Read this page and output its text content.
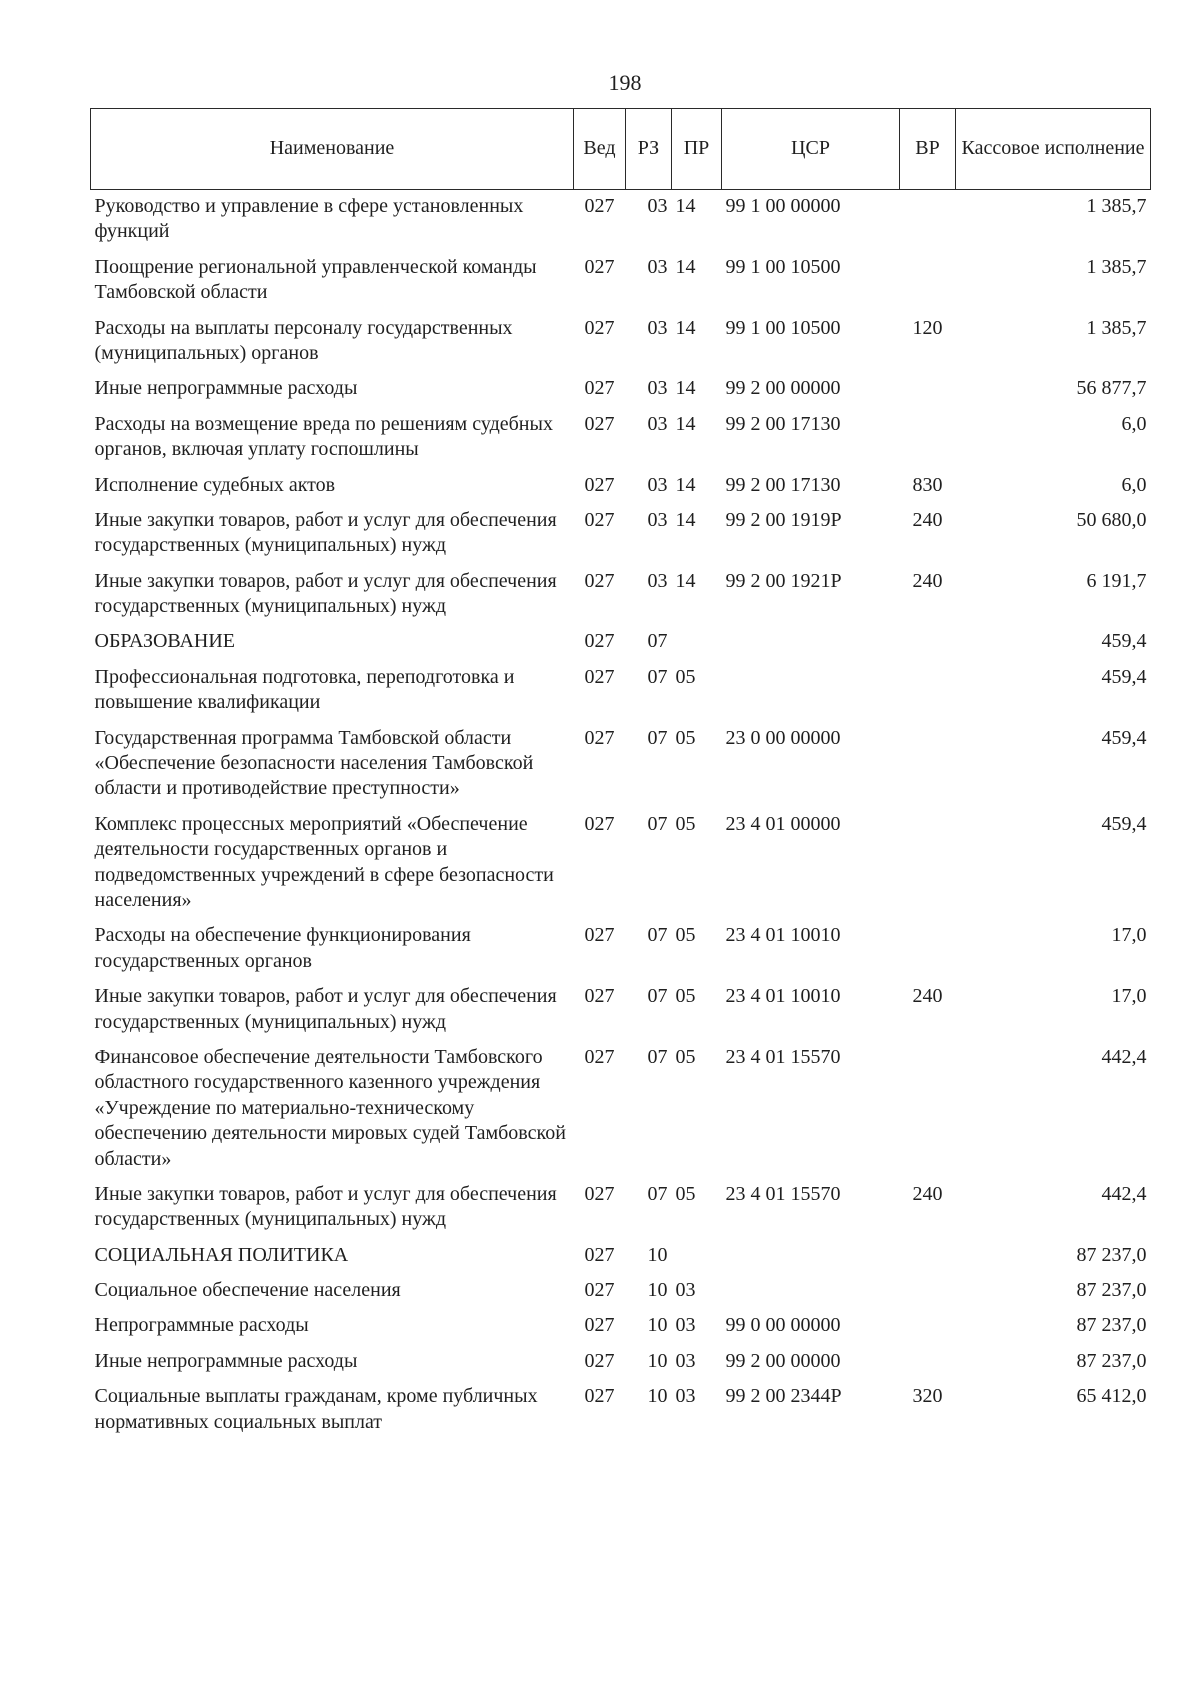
198
Наименование	Вед	РЗ	ПР	ЦСР	ВР	Кассовое исполнение
Руководство и управление в сфере установленных функций	027	03	14	99 1 00 00000		1 385,7
Поощрение региональной управленческой команды Тамбовской области	027	03	14	99 1 00 10500		1 385,7
Расходы на выплаты персоналу государственных (муниципальных) органов	027	03	14	99 1 00 10500	120	1 385,7
Иные непрограммные расходы	027	03	14	99 2 00 00000		56 877,7
Расходы на возмещение вреда по решениям судебных органов, включая уплату госпошлины	027	03	14	99 2 00 17130		6,0
Исполнение судебных актов	027	03	14	99 2 00 17130	830	6,0
Иные закупки товаров, работ и услуг для обеспечения государственных (муниципальных) нужд	027	03	14	99 2 00 1919Р	240	50 680,0
Иные закупки товаров, работ и услуг для обеспечения государственных (муниципальных) нужд	027	03	14	99 2 00 1921Р	240	6 191,7
ОБРАЗОВАНИЕ	027	07				459,4
Профессиональная подготовка, переподготовка и повышение квалификации	027	07	05			459,4
Государственная программа Тамбовской области «Обеспечение безопасности населения Тамбовской области и противодействие преступности»	027	07	05	23 0 00 00000		459,4
Комплекс процессных мероприятий «Обеспечение деятельности государственных органов и подведомственных учреждений в сфере безопасности населения»	027	07	05	23 4 01 00000		459,4
Расходы на обеспечение функционирования государственных органов	027	07	05	23 4 01 10010		17,0
Иные закупки товаров, работ и услуг для обеспечения государственных (муниципальных) нужд	027	07	05	23 4 01 10010	240	17,0
Финансовое обеспечение деятельности Тамбовского областного государственного казенного учреждения «Учреждение по материально-техническому обеспечению деятельности мировых судей Тамбовской области»	027	07	05	23 4 01 15570		442,4
Иные закупки товаров, работ и услуг для обеспечения государственных (муниципальных) нужд	027	07	05	23 4 01 15570	240	442,4
СОЦИАЛЬНАЯ ПОЛИТИКА	027	10				87 237,0
Социальное обеспечение населения	027	10	03			87 237,0
Непрограммные расходы	027	10	03	99 0 00 00000		87 237,0
Иные непрограммные расходы	027	10	03	99 2 00 00000		87 237,0
Социальные выплаты гражданам, кроме публичных нормативных социальных выплат	027	10	03	99 2 00 2344Р	320	65 412,0
